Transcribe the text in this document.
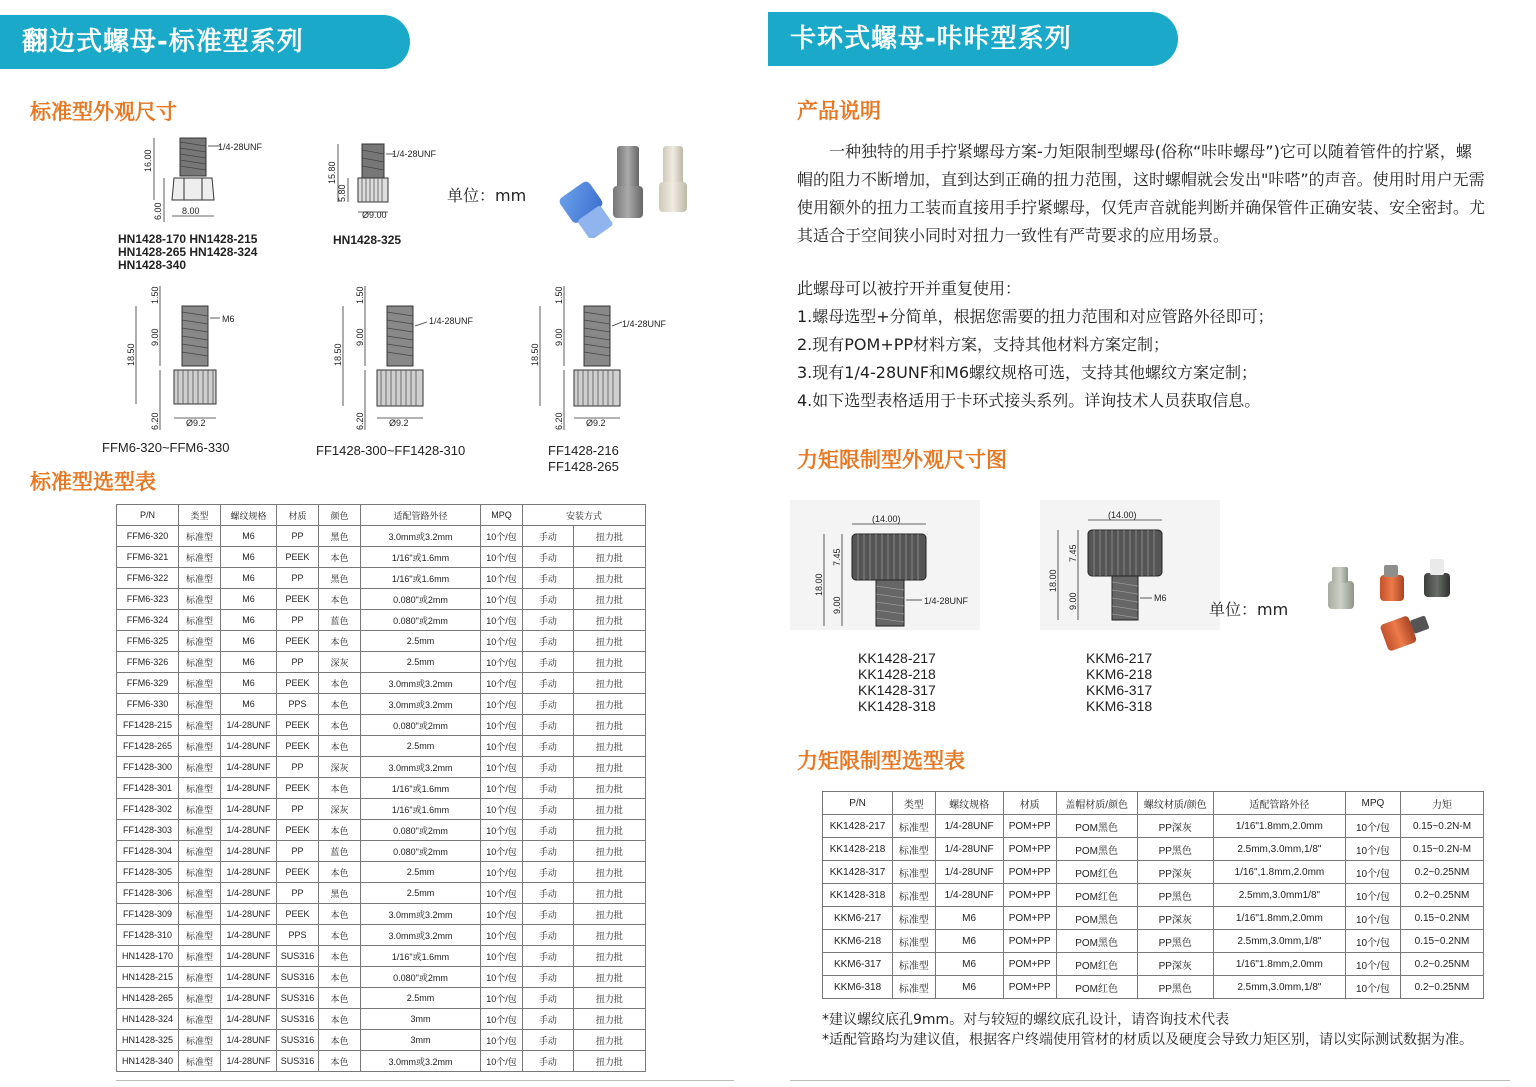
翻边式螺母-标准型系列
标准型外观尺寸
1/4-28UNF
16.00
6.00 8.00
HN1428-170 HN1428-215
HN1428-265 HN1428-324
HN1428-340
1/4-28UNF
15.80
5.80
Ø9.00
HN1428-325
单位：mm
M6
1.50
9.00
18.50
6.20	Ø9.2
FFM6-320~FFM6-330
1/4-28UNF
1.50
9.00
18.50
6.20	Ø9.2
FF1428-300~FF1428-310
1/4-28UNF
1.50
9.00
18.50
6.20 Ø9.2
FF1428-216
FF1428-265
标准型选型表
P/N	类型	螺纹规格	材质	颜色	适配管路外径	MPQ	安装方式	
FFM6-320	标准型	M6	PP	黑色	3.0mm或3.2mm	10个/包	手动	扭力批
FFM6-321	标准型	M6	PEEK	本色	1/16"或1.6mm	10个/包	手动	扭力批
FFM6-322	标准型	M6	PP	黑色	1/16"或1.6mm	10个/包	手动	扭力批
FFM6-323	标准型	M6	PEEK	本色	0.080"或2mm	10个/包	手动	扭力批
FFM6-324	标准型	M6	PP	蓝色	0.080"或2mm	10个/包	手动	扭力批
FFM6-325	标准型	M6	PEEK	本色	2.5mm	10个/包	手动	扭力批
FFM6-326	标准型	M6	PP	深灰	2.5mm	10个/包	手动	扭力批
FFM6-329	标准型	M6	PEEK	本色	3.0mm或3.2mm	10个/包	手动	扭力批
FFM6-330	标准型	M6	PPS	本色	3.0mm或3.2mm	10个/包	手动	扭力批
FF1428-215	标准型	1/4-28UNF	PEEK	本色	0.080"或2mm	10个/包	手动	扭力批
FF1428-265	标准型	1/4-28UNF	PEEK	本色	2.5mm	10个/包	手动	扭力批
FF1428-300	标准型	1/4-28UNF	PP	深灰	3.0mm或3.2mm	10个/包	手动	扭力批
FF1428-301	标准型	1/4-28UNF	PEEK	本色	1/16"或1.6mm	10个/包	手动	扭力批
FF1428-302	标准型	1/4-28UNF	PP	深灰	1/16"或1.6mm	10个/包	手动	扭力批
FF1428-303	标准型	1/4-28UNF	PEEK	本色	0.080"或2mm	10个/包	手动	扭力批
FF1428-304	标准型	1/4-28UNF	PP	蓝色	0.080"或2mm	10个/包	手动	扭力批
FF1428-305	标准型	1/4-28UNF	PEEK	本色	2.5mm	10个/包	手动	扭力批
FF1428-306	标准型	1/4-28UNF	PP	黑色	2.5mm	10个/包	手动	扭力批
FF1428-309	标准型	1/4-28UNF	PEEK	本色	3.0mm或3.2mm	10个/包	手动	扭力批
FF1428-310	标准型	1/4-28UNF	PPS	本色	3.0mm或3.2mm	10个/包	手动	扭力批
HN1428-170	标准型	1/4-28UNF	SUS316	本色	1/16"或1.6mm	10个/包	手动	扭力批
HN1428-215	标准型	1/4-28UNF	SUS316	本色	0.080"或2mm	10个/包	手动	扭力批
HN1428-265	标准型	1/4-28UNF	SUS316	本色	2.5mm	10个/包	手动	扭力批
HN1428-324	标准型	1/4-28UNF	SUS316	本色	3mm	10个/包	手动	扭力批
HN1428-325	标准型	1/4-28UNF	SUS316	本色	3mm	10个/包	手动	扭力批
HN1428-340	标准型	1/4-28UNF	SUS316	本色	3.0mm或3.2mm	10个/包	手动	扭力批
卡环式螺母-咔咔型系列
产品说明

一种独特的用手拧紧螺母方案-力矩限制型螺母(俗称“咔咔螺母”)它可以随着管件的拧紧，螺帽的阻力不断增加，直到达到正确的扭力范围，这时螺帽就会发出"咔嗒”的声音。使用时用户无需使用额外的扭力工装而直接用手拧紧螺母，仅凭声音就能判断并确保管件正确安装、安全密封。尤其适合于空间狭小同时对扭力一致性有严苛要求的应用场景。

此螺母可以被拧开并重复使用：

1.螺母选型+分简单，根据您需要的扭力范围和对应管路外径即可；

2.现有POM+PP材料方案，支持其他材料方案定制；

3.现有1/4-28UNF和M6螺纹规格可选，支持其他螺纹方案定制；

4.如下选型表格适用于卡环式接头系列。详询技术人员获取信息。

力矩限制型外观尺寸图
(14.00)
7.45
18.00
9.00	1/4-28UNF
KK1428-217
KK1428-218
KK1428-317
KK1428-318
(14.00)
7.45
18.00
9.00	M6
KKM6-217
KKM6-218
KKM6-317
KKM6-318
单位：mm
力矩限制型选型表
P/N	类型	螺纹规格	材质	盖帽材质/颜色	螺纹材质/颜色	适配管路外径	MPQ	力矩
KK1428-217	标准型	1/4-28UNF	POM+PP	POM黑色	PP深灰	1/16"1.8mm,2.0mm	10个/包	0.15~0.2N-M
KK1428-218	标准型	1/4-28UNF	POM+PP	POM黑色	PP黑色	2.5mm,3.0mm,1/8"	10个/包	0.15~0.2N-M
KK1428-317	标准型	1/4-28UNF	POM+PP	POM红色	PP深灰	1/16",1.8mm,2.0mm	10个/包	0.2~0.25NM
KK1428-318	标准型	1/4-28UNF	POM+PP	POM红色	PP黑色	2.5mm,3.0mm1/8"	10个/包	0.2~0.25NM
KKM6-217	标准型	M6	POM+PP	POM黑色	PP深灰	1/16"1.8mm,2.0mm	10个/包	0.15~0.2NM
KKM6-218	标准型	M6	POM+PP	POM黑色	PP黑色	2.5mm,3.0mm,1/8"	10个/包	0.15~0.2NM
KKM6-317	标准型	M6	POM+PP	POM红色	PP深灰	1/16"1.8mm,2.0mm	10个/包	0.2~0.25NM
KKM6-318	标准型	M6	POM+PP	POM红色	PP黑色	2.5mm,3.0mm,1/8"	10个/包	0.2~0.25NM
*建议螺纹底孔9mm。对与较短的螺纹底孔设计，请咨询技术代表
*适配管路均为建议值，根据客户终端使用管材的材质以及硬度会导致力矩区别，请以实际测试数据为准。
